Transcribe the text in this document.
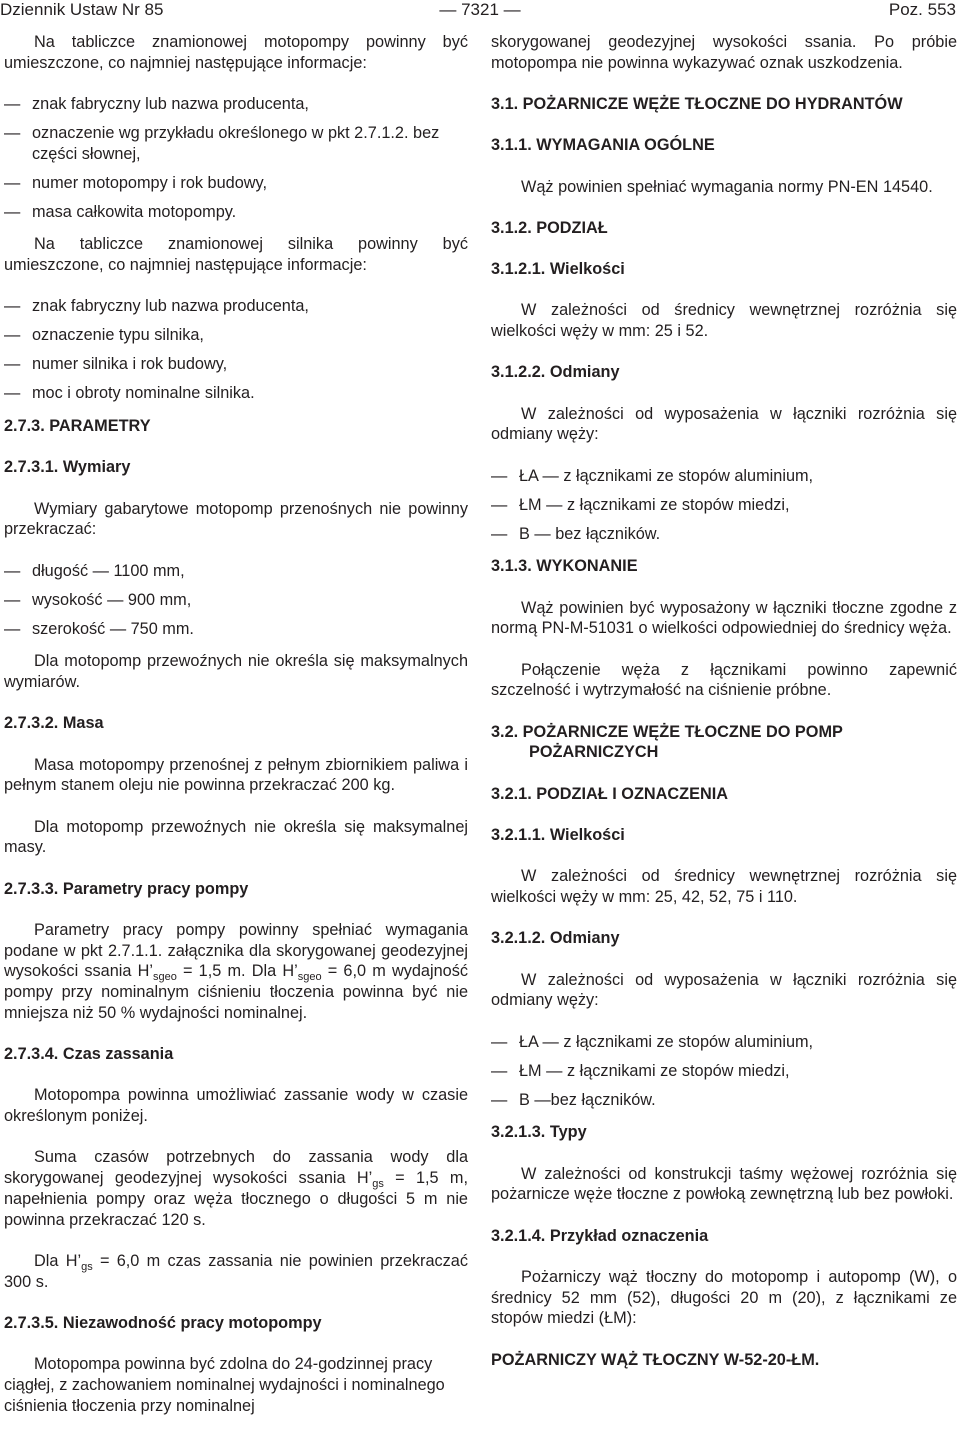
— 7321 —
Dziennik Ustaw Nr 85	Poz. 553

Na tabliczce znamionowej motopompy powinny być umieszczone, co najmniej następujące informacje:

— znak fabryczny lub nazwa producenta,
— oznaczenie wg przykładu określonego w pkt 2.7.1.2. bez części słownej,
— numer motopompy i rok budowy,
— masa całkowita motopompy.

Na tabliczce znamionowej silnika powinny być umieszczone, co najmniej następujące informacje:

— znak fabryczny lub nazwa producenta,
— oznaczenie typu silnika,
— numer silnika i rok budowy,
— moc i obroty nominalne silnika.
2.7.3. PARAMETRY
2.7.3.1. Wymiary

Wymiary gabarytowe motopomp przenośnych nie powinny przekraczać:

— długość — 1100 mm,
— wysokość — 900 mm,
— szerokość — 750 mm.

Dla motopomp przewoźnych nie określa się maksymalnych wymiarów.

2.7.3.2. Masa

Masa motopompy przenośnej z pełnym zbiornikiem paliwa i pełnym stanem oleju nie powinna przekraczać 200 kg.

Dla motopomp przewoźnych nie określa się maksymalnej masy.

2.7.3.3. Parametry pracy pompy

Parametry pracy pompy powinny spełniać wymagania podane w pkt 2.7.1.1. załącznika dla skorygowanej geodezyjnej wysokości ssania $H’_{sgeo} = 1,5$ m. Dla $H’_{sgeo} = 6,0$ m wydajność pompy przy nominalnym ciśnieniu tłoczenia powinna być nie mniejsza niż 50 % wydajności nominalnej.

2.7.3.4. Czas zassania

Motopompa powinna umożliwiać zassanie wody w czasie określonym poniżej.

Suma czasów potrzebnych do zassania wody dla skorygowanej geodezyjnej wysokości ssania $H’_{gs} = 1,5$ m, napełnienia pompy oraz węża tłocznego o długości 5 m nie powinna przekraczać 120 s.

Dla $H’_{gs} = 6,0$ m czas zassania nie powinien przekraczać 300 s.

2.7.3.5. Niezawodność pracy motopompy

Motopompa powinna być zdolna do 24-godzinnej pracy ciągłej, z zachowaniem nominalnej wydajności i nominalnego ciśnienia tłoczenia przy nominalnej

skorygowanej geodezyjnej wysokości ssania. Po próbie motopompa nie powinna wykazywać oznak uszkodzenia.

3.1. POŻARNICZE WĘŻE TŁOCZNE DO HYDRANTÓW
3.1.1. WYMAGANIA OGÓLNE

Wąż powinien spełniać wymagania normy PN-EN 14540.

3.1.2. PODZIAŁ
3.1.2.1. Wielkości

W zależności od średnicy wewnętrznej rozróżnia się wielkości węży w mm: 25 i 52.

3.1.2.2. Odmiany

W zależności od wyposażenia w łączniki rozróżnia się odmiany węży:

— ŁA — z łącznikami ze stopów aluminium,
— ŁM — z łącznikami ze stopów miedzi,
— B — bez łączników.
3.1.3. WYKONANIE

Wąż powinien być wyposażony w łączniki tłoczne zgodne z normą PN-M-51031 o wielkości odpowiedniej do średnicy węża.

Połączenie węża z łącznikami powinno zapewnić szczelność i wytrzymałość na ciśnienie próbne.

3.2. POŻARNICZE WĘŻE TŁOCZNE DO POMP POŻARNICZYCH
3.2.1. PODZIAŁ I OZNACZENIA
3.2.1.1. Wielkości

W zależności od średnicy wewnętrznej rozróżnia się wielkości węży w mm: 25, 42, 52, 75 i 110.

3.2.1.2. Odmiany

W zależności od wyposażenia w łączniki rozróżnia się odmiany węży:

— ŁA — z łącznikami ze stopów aluminium,
— ŁM — z łącznikami ze stopów miedzi,
— B —bez łączników.
3.2.1.3. Typy

W zależności od konstrukcji taśmy wężowej rozróżnia się pożarnicze węże tłoczne z powłoką zewnętrzną lub bez powłoki.

3.2.1.4. Przykład oznaczenia

Pożarniczy wąż tłoczny do motopomp i autopomp (W), o średnicy 52 mm (52), długości 20 m (20), z łącznikami ze stopów miedzi (ŁM):

POŻARNICZY WĄŻ TŁOCZNY W-52-20-ŁM.
